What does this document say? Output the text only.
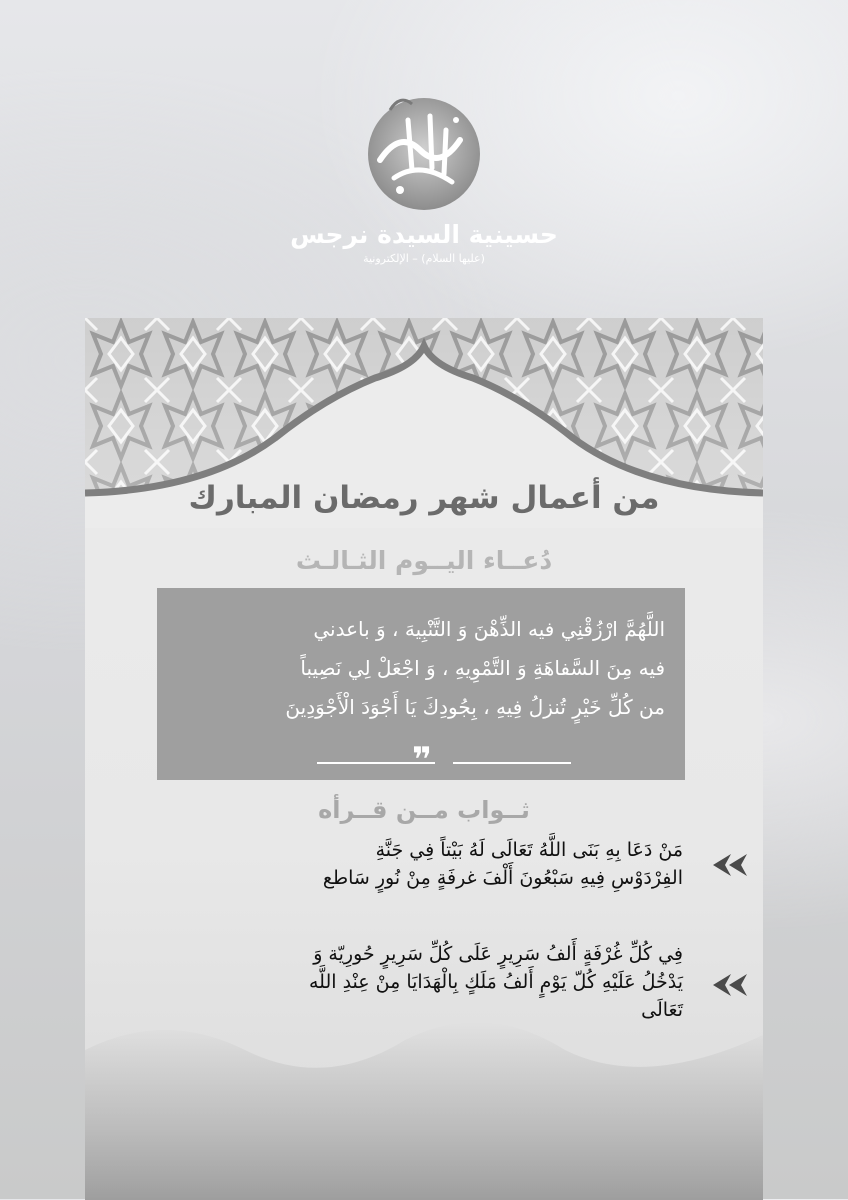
حسينية السيدة نرجس
(عليها السلام) – الإلكترونية
من أعمال شهر رمضان المبارك
دُعــاء اليــوم الثـالـث
اللَّهُمَّ ارْزُقْنِي فيه الذِّهْنَ وَ التَّنْبِيهَ ، وَ باعدني
فيه مِنَ السَّفاهَةِ وَ التَّمْوِيهِ ، وَ اجْعَلْ لِي نَصِيباً
من كُلِّ خَيْرٍ تُنزلُ فِيهِ ، بِجُودِكَ يَا أَجْوَدَ الْأَجْوَدِينَ
❞
ثــواب مــن قــرأه
مَنْ دَعَا بِهِ بَنَى اللَّهُ تَعَالَى لَهُ بَيْتاً فِي جَنَّةِ
الفِرْدَوْسِ فِيهِ سَبْعُونَ أَلْفَ غرفَةٍ مِنْ نُورٍ سَاطع
فِي كُلِّ غُرْفَةٍ أَلفُ سَرِيرٍ عَلَى كُلِّ سَرِيرٍ حُورِيّة وَ
يَدْخُلُ عَلَيْهِ كُلّ يَوْمٍ أَلفُ مَلَكٍ بِالْهَدَايَا مِنْ عِنْدِ اللَّه
تَعَالَى
